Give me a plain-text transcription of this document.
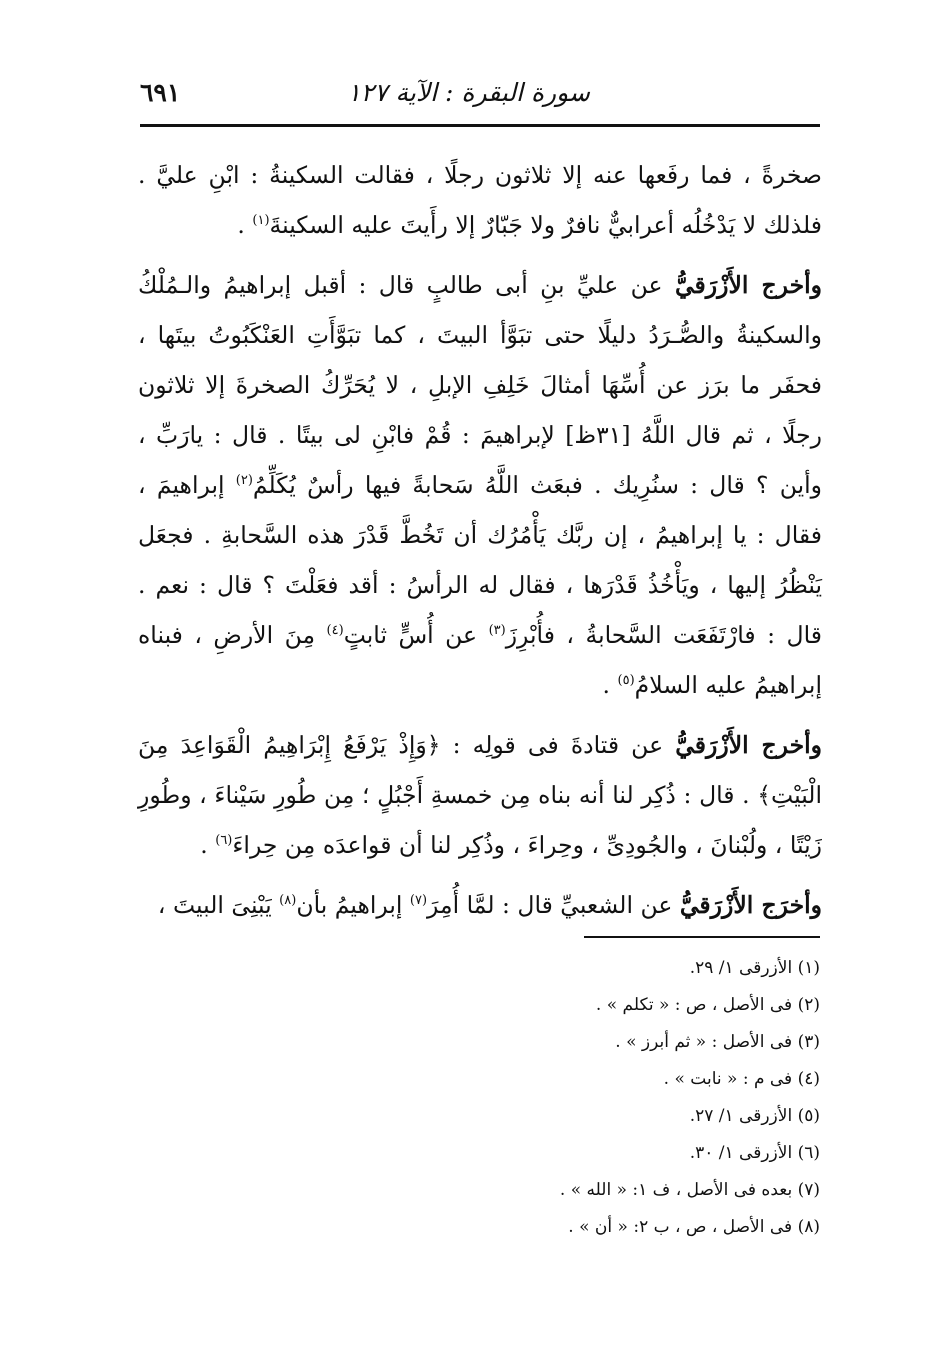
سورة البقرة : الآية ١٢٧
٦٩١

صخرةً ، فما رفَعها عنه إلا ثلاثون رجلًا ، فقالت السكينةُ : ابْنِ عليَّ . فلذلك لا يَدْخُلُه أعرابيٌّ نافرٌ ولا جَبّارٌ إلا رأَيتَ عليه السكينةَ$^{(١)}$ .

وأخرج الأَزْرَقيُّ عن عليِّ بنِ أبى طالبٍ قال : أقبل إبراهيمُ والـمُلْكُ والسكينةُ والصُّـرَدُ دليلًا حتى تبَوَّأ البيتَ ، كما تبَوَّأَتِ العَنْكَبُوتُ بيتَها ، فحفَر ما برَز عن أُسِّهَا أمثالَ خَلِفِ الإبلِ ، لا يُحَرِّكُ الصخرةَ إلا ثلاثون رجلًا ، ثم قال اللَّهُ [٣١ظ] لإبراهيمَ : قُمْ فابْنِ لى بيتًا . قال : يارَبِّ ، وأين ؟ قال : سنُرِيك . فبعَث اللَّهُ سَحابةً فيها رأسٌ يُكَلِّمُ$^{(٢)}$ إبراهيمَ ، فقال : يا إبراهيمُ ، إن ربَّك يَأْمُرُك أن تَخُطَّ قَدْرَ هذه السَّحابةِ . فجعَل يَنْظُرُ إليها ، ويَأْخُذُ قَدْرَها ، فقال له الرأسُ : أقد فعَلْتَ ؟ قال : نعم . قال : فارْتَفَعَت السَّحابةُ ، فأُبْرِزَ$^{(٣)}$ عن أُسٍّ ثابتٍ$^{(٤)}$ مِنَ الأرضِ ، فبناه إبراهيمُ عليه السلامُ$^{(٥)}$ .

وأخرج الأَزْرَقيُّ عن قتادةَ فى قولِه : ﴿وَإِذْ يَرْفَعُ إِبْرَاهِيمُ الْقَوَاعِدَ مِنَ الْبَيْتِ﴾ . قال : ذُكِر لنا أنه بناه مِن خمسةِ أَجْبُلٍ ؛ مِن طُورِ سَيْناءَ ، وطُورِ زَيْتًا ، ولُبْنانَ ، والجُودِىِّ ، وحِراءَ ، وذُكِر لنا أن قواعدَه مِن حِراءَ$^{(٦)}$ .

وأخرَج الأَزْرَقيُّ عن الشعبيِّ قال : لمَّا أُمِرَ$^{(٧)}$ إبراهيمُ بأن$^{(٨)}$ يَبْنِىَ البيتَ ،

(١) الأزرقى ١/ ٢٩.

(٢) فى الأصل ، ص : « تكلم » .

(٣) فى الأصل : « ثم أبرز » .

(٤) فى م : « نابت » .

(٥) الأزرقى ١/ ٢٧.

(٦) الأزرقى ١/ ٣٠.

(٧) بعده فى الأصل ، ف ١: « الله » .

(٨) فى الأصل ، ص ، ب ٢: « أن » .
